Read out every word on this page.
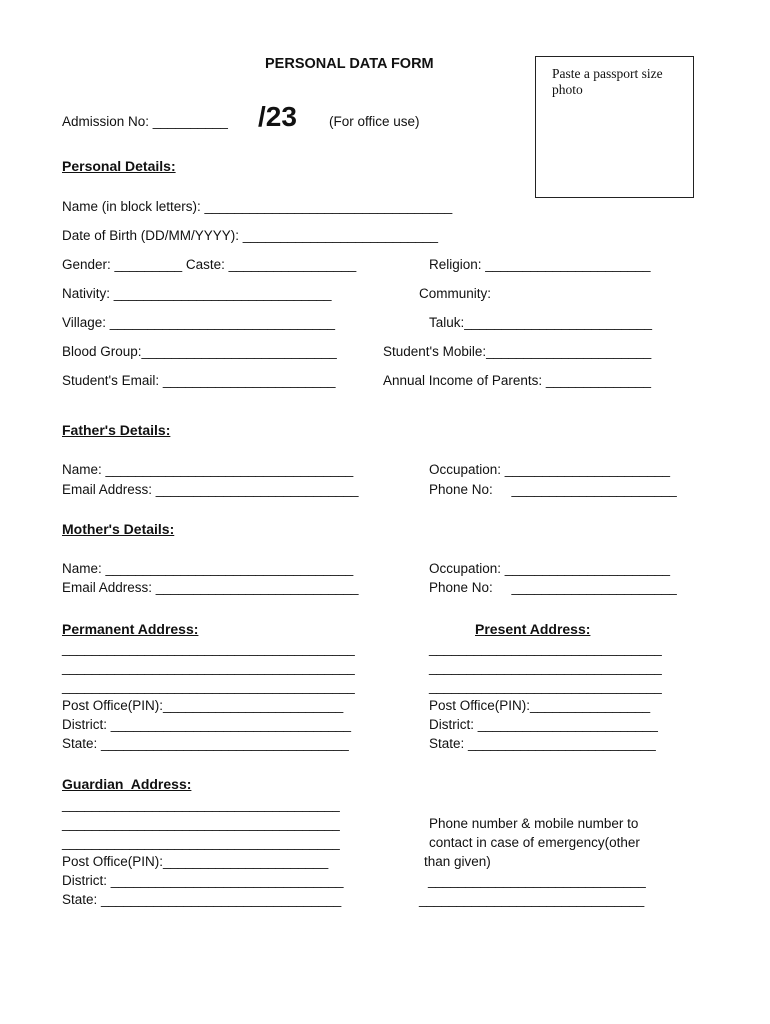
PERSONAL DATA FORM
Paste a passport size photo
Admission No: __________ /23 (For office use)
Personal Details:
Name (in block letters): _________________________________
Date of Birth (DD/MM/YYYY): __________________________
Gender: _________ Caste: _________________	Religion: ______________________
Nativity: _____________________________	Community:
Village: ______________________________	Taluk:_________________________
Blood Group:__________________________	Student's Mobile:______________________
Student's Email: _______________________	Annual Income of Parents: ______________
Father's Details:
Name: _________________________________	Occupation: ______________________
Email Address: ___________________________	Phone No:     ______________________
Mother's Details:
Name: _________________________________	Occupation: ______________________
Email Address: ___________________________	Phone No:     ______________________
Permanent Address:
_______________________________________
_______________________________________
_______________________________________
Post Office(PIN):________________________
District: ________________________________
State: _________________________________
Present Address:
_______________________________
_______________________________
_______________________________
Post Office(PIN):________________
District: ________________________
State: _________________________
Guardian  Address:
_____________________________________
_____________________________________
_____________________________________
Post Office(PIN):______________________
District: _______________________________
State: ________________________________
Phone number & mobile number to
contact in case of emergency(other
than given)
_____________________________
______________________________
